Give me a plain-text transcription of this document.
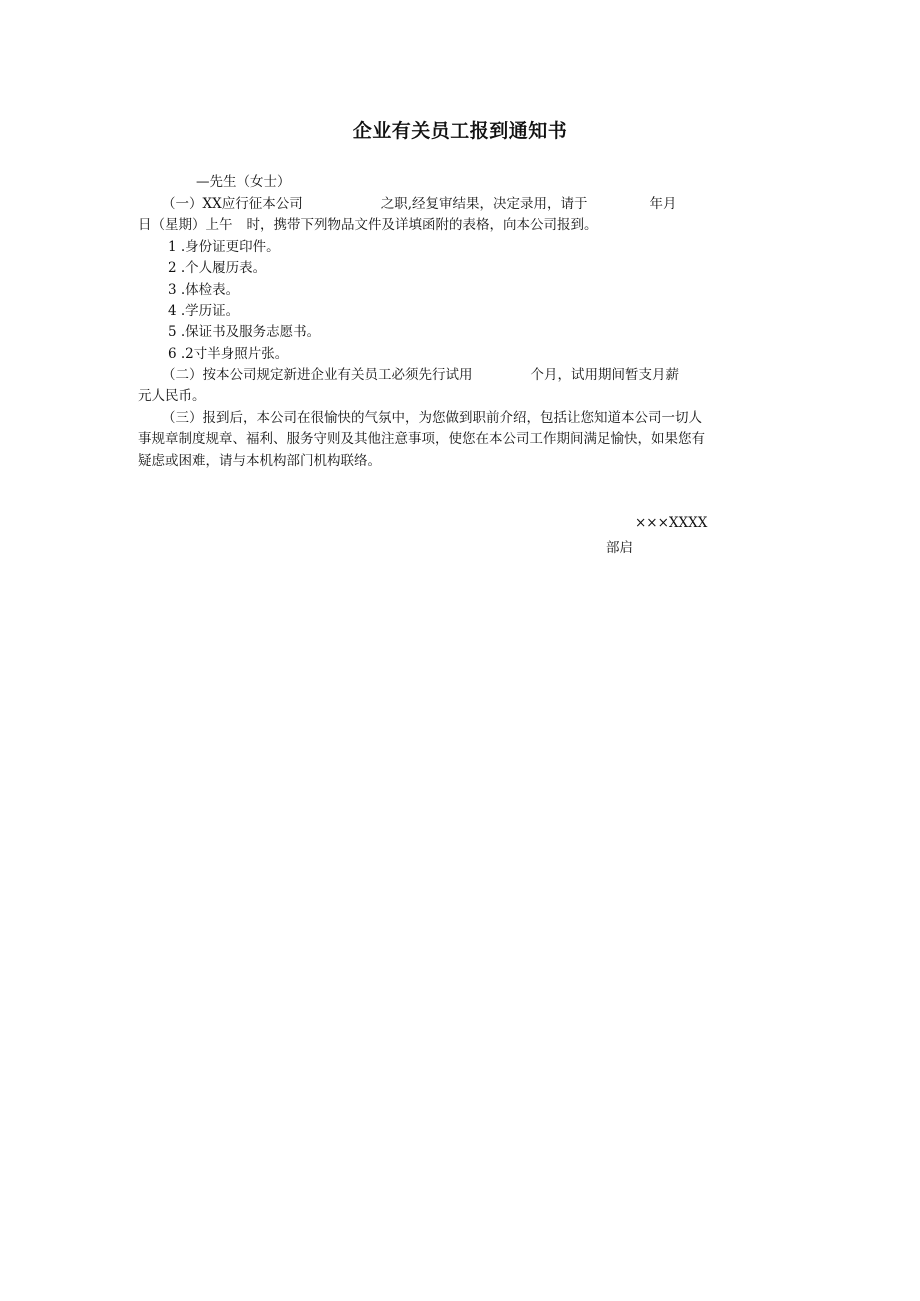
企业有关员工报到通知书
—先生（女士）
（一）XX应行征本公司	之职,经复审结果，决定录用，请于	年月
日（星期）上午 时，携带下列物品文件及详填函附的表格，向本公司报到。
1 .身份证更印件。
2 .个人履历表。
3 .体检表。
4 .学历证。
5 .保证书及服务志愿书。
6 .2寸半身照片张。
（二）按本公司规定新进企业有关员工必须先行试用	个月，试用期间暂支月薪
元人民币。
（三）报到后，本公司在很愉快的气氛中，为您做到职前介绍，包括让您知道本公司一切人
事规章制度规章、福利、服务守则及其他注意事项，使您在本公司工作期间满足愉快，如果您有
疑虑或困难，请与本机构部门机构联络。
×××XXXX
部启
